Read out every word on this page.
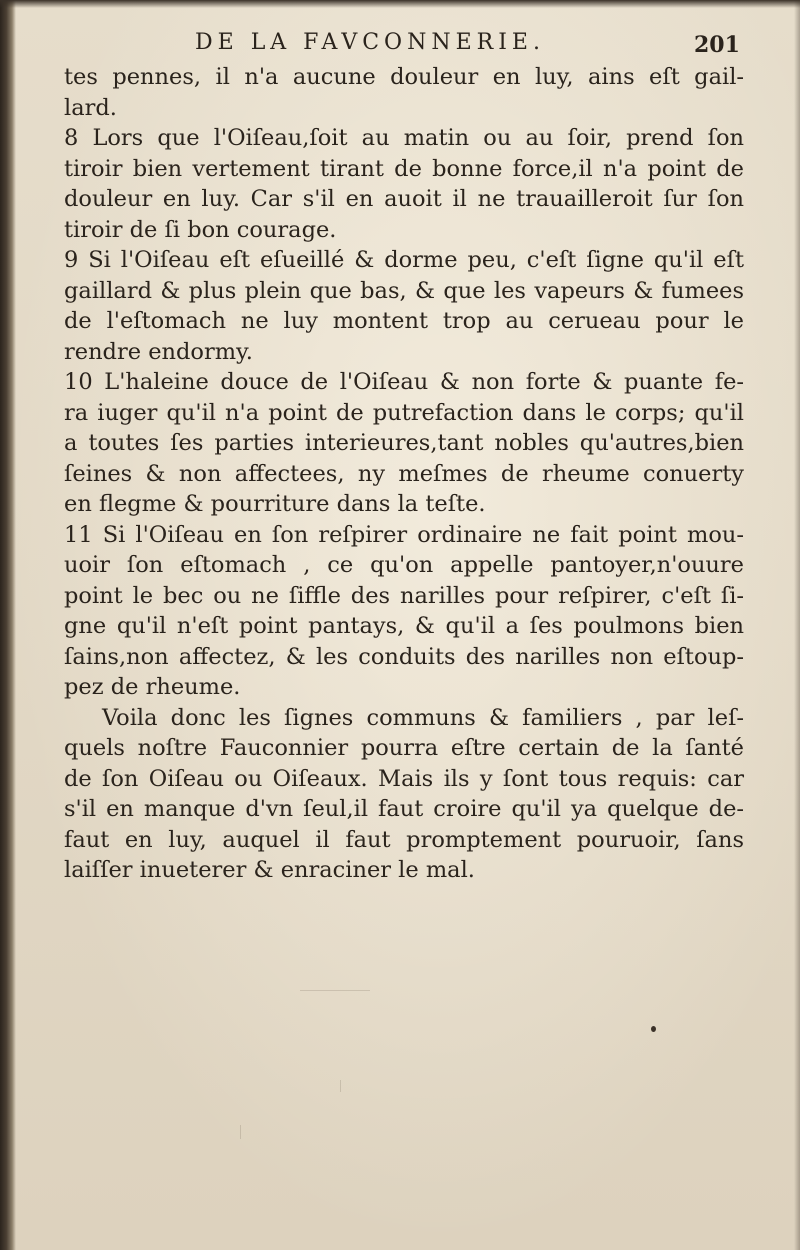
DE LA FAVCONNERIE.	201
tes pennes, il n'a aucune douleur en luy, ains eſt gail-
lard.
8 Lors que l'Oiſeau,ſoit au matin ou au ſoir, prend ſon
tiroir bien vertement tirant de bonne force,il n'a point de
douleur en luy. Car s'il en auoit il ne trauailleroit ſur ſon
tiroir de ſi bon courage.
9 Si l'Oiſeau eſt eſueillé & dorme peu, c'eſt ſigne qu'il eſt
gaillard & plus plein que bas, & que les vapeurs & fumees
de l'eſtomach ne luy montent trop au cerueau pour le
rendre endormy.
10 L'haleine douce de l'Oiſeau & non forte & puante fe-
ra iuger qu'il n'a point de putrefaction dans le corps; qu'il
a toutes ſes parties interieures,tant nobles qu'autres,bien
ſeines & non affectees, ny meſmes de rheume conuerty
en flegme & pourriture dans la teſte.
11 Si l'Oiſeau en ſon reſpirer ordinaire ne fait point mou-
uoir ſon eſtomach , ce qu'on appelle pantoyer,n'ouure
point le bec ou ne ſiffle des narilles pour reſpirer, c'eſt ſi-
gne qu'il n'eſt point pantays, & qu'il a ſes poulmons bien
ſains,non affectez, & les conduits des narilles non eſtoup-
pez de rheume.
Voila donc les ſignes communs & familiers , par leſ-
quels noſtre Fauconnier pourra eſtre certain de la ſanté
de ſon Oiſeau ou Oiſeaux. Mais ils y ſont tous requis: car
s'il en manque d'vn ſeul,il faut croire qu'il ya quelque de-
faut en luy, auquel il faut promptement pouruoir, ſans
laiſſer inueterer & enraciner le mal.
